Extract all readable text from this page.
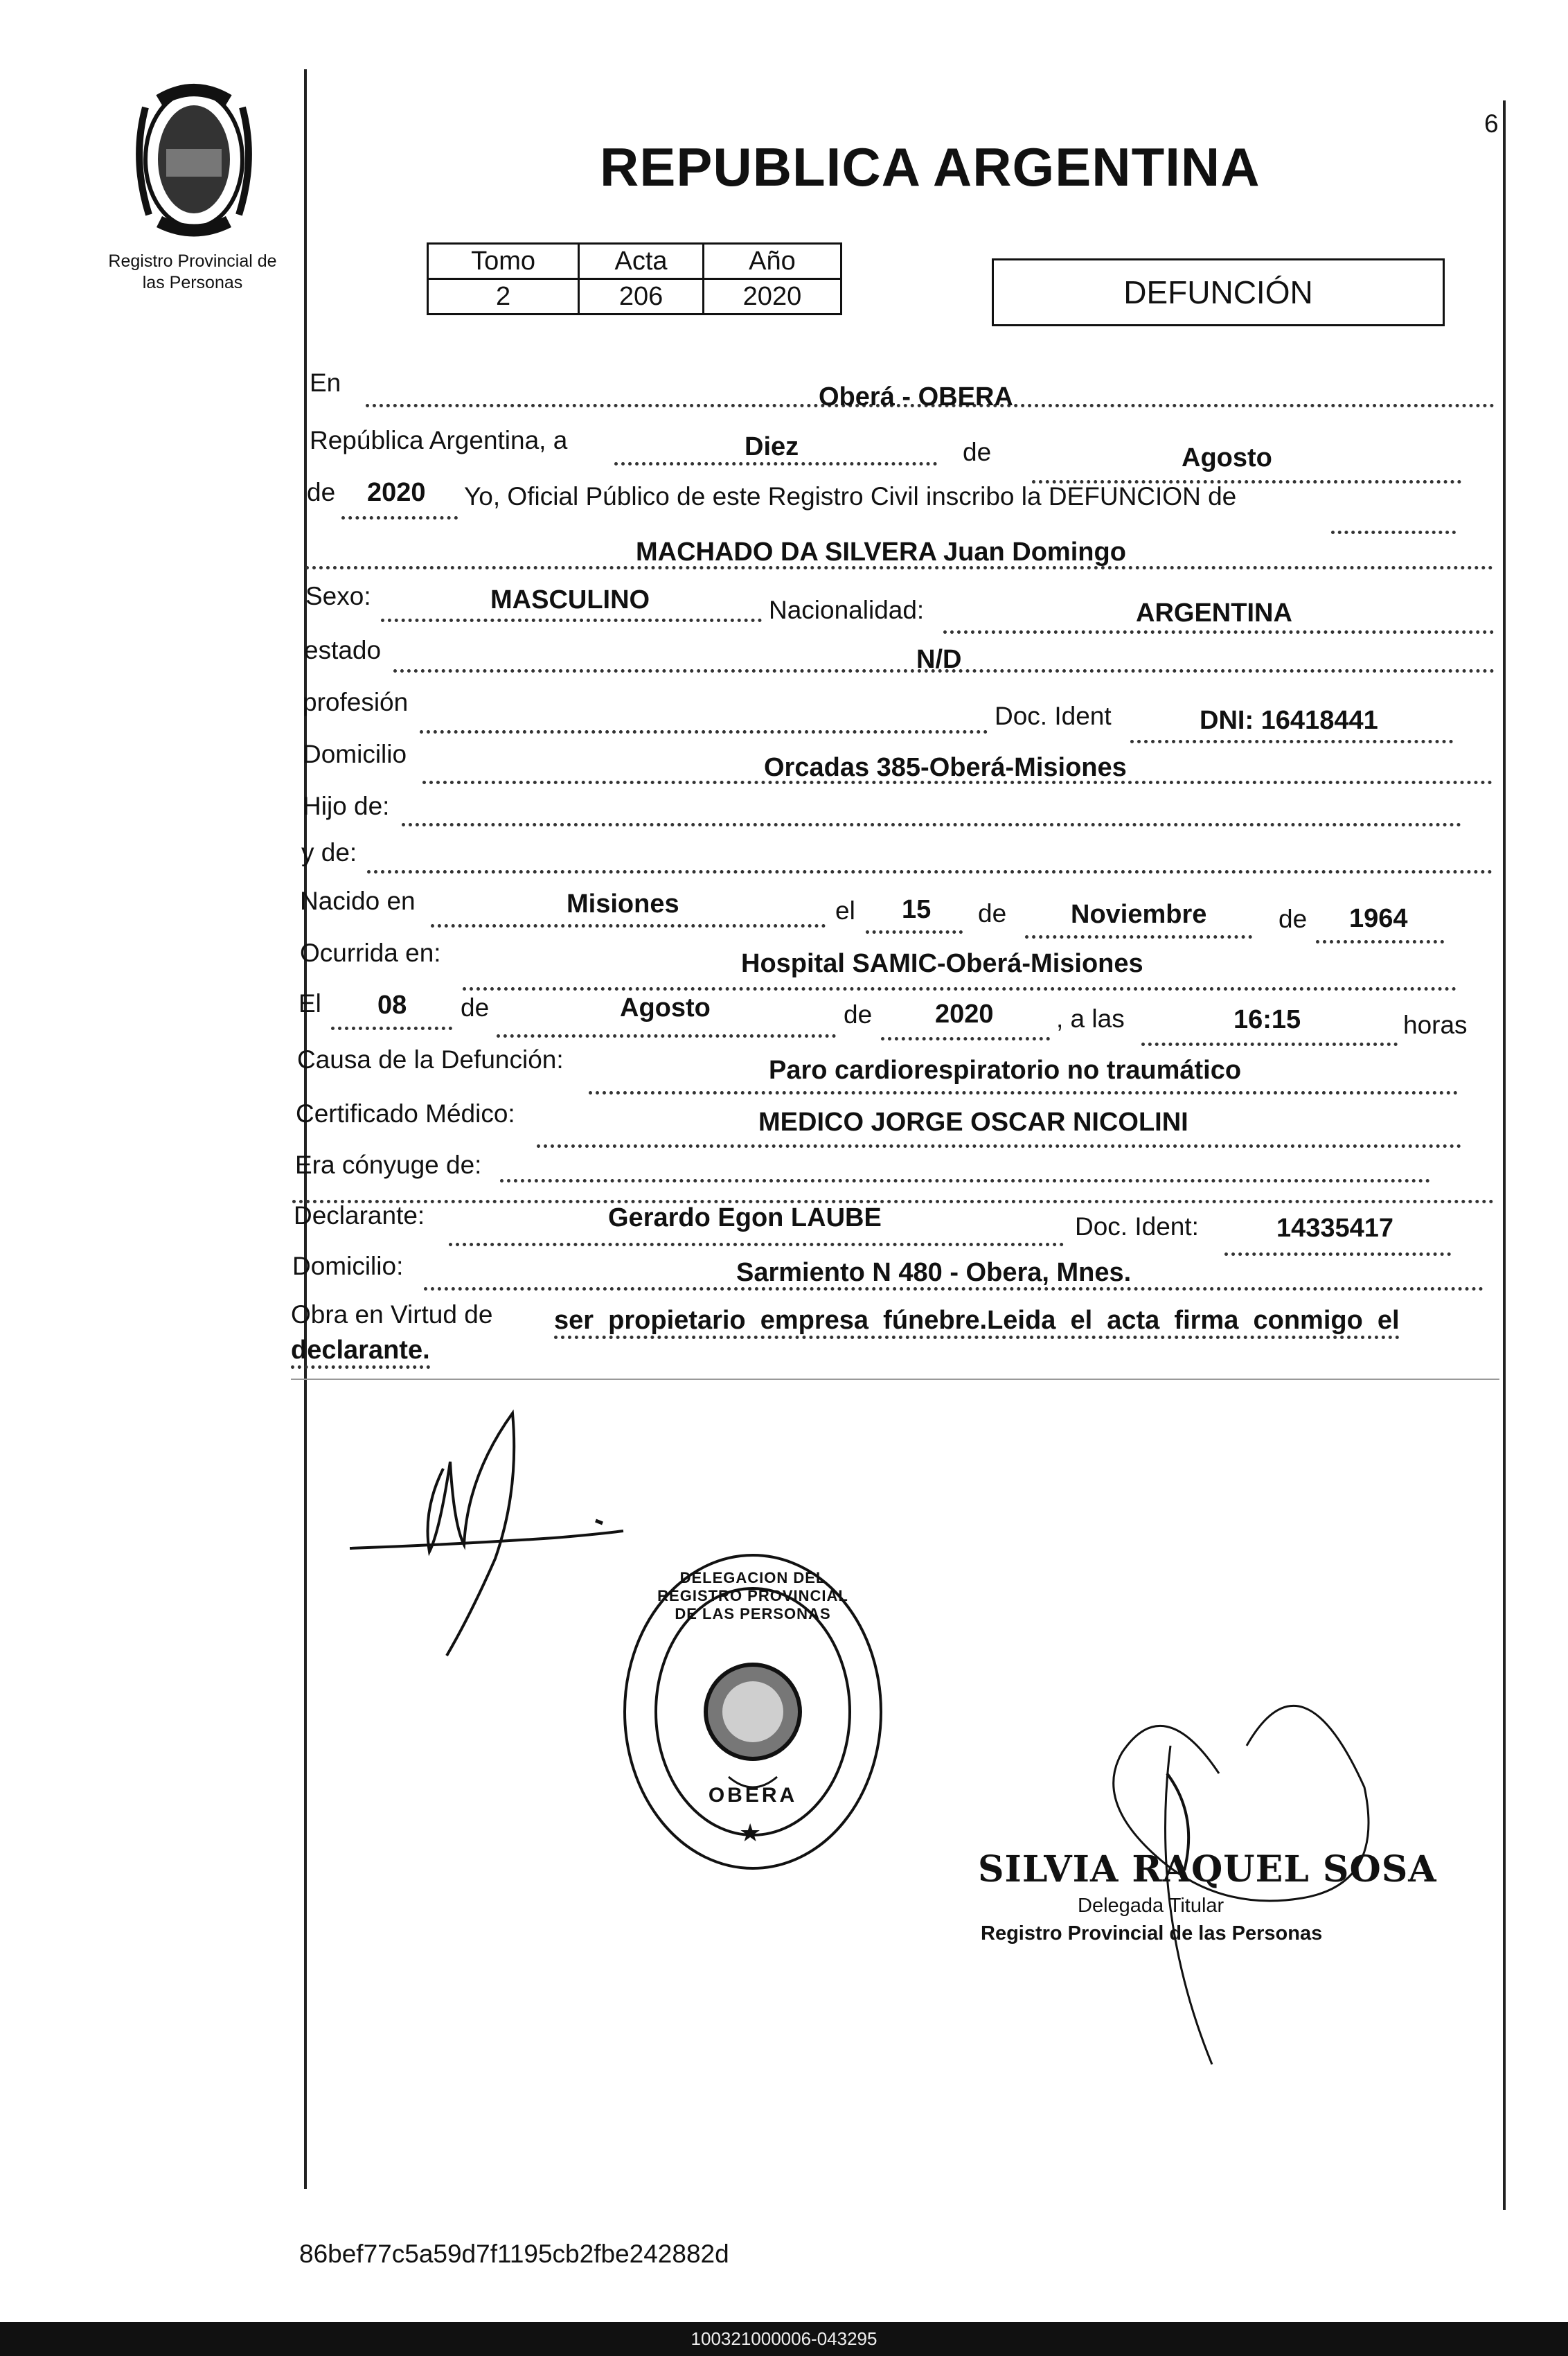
Registro Provincial de
las Personas
6
REPUBLICA ARGENTINA
Tomo	Acta	Año
2	206	2020	DEFUNCIÓN
En	Oberá - OBERA
República Argentina, a	Diez	de	Agosto
de 2020 Yo, Oficial Público de este Registro Civil inscribo la DEFUNCION de
MACHADO DA SILVERA Juan Domingo
Sexo:	MASCULINO	Nacionalidad:	ARGENTINA
estado	N/D
profesión	Doc. Ident	DNI: 16418441
Domicilio	Orcadas 385-Oberá-Misiones
Hijo de:
y de:
Nacido en	Misiones	el 15 de Noviembre	de 1964
Ocurrida en:	Hospital SAMIC-Oberá-Misiones
El 08 de	Agosto	de 2020 , a las	16:15	horas
Causa de la Defunción:	Paro cardiorespiratorio no traumático
Certificado Médico:	MEDICO JORGE OSCAR NICOLINI
Era cónyuge de:
Declarante:	Gerardo Egon LAUBE	Doc. Ident:	14335417
Domicilio:	Sarmiento N 480 - Obera, Mnes.
Obra en Virtud de ser  propietario  empresa  fúnebre.Leida  el  acta  firma  conmigo  el
declarante.
DELEGACION DEL REGISTRO PROVINCIAL DE LAS PERSONAS
OBERA
★
SILVIA RAQUEL SOSA
Delegada Titular
Registro Provincial de las Personas
86bef77c5a59d7f1195cb2fbe242882d
100321000006-043295
